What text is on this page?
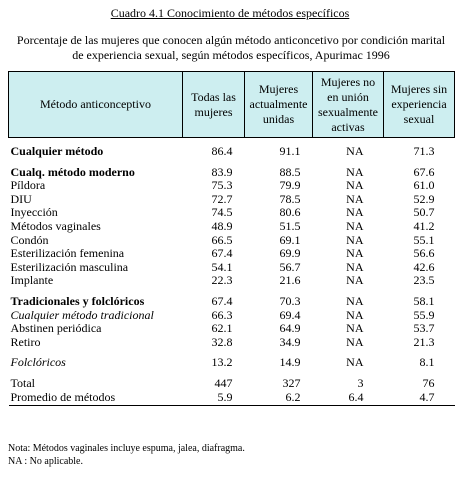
Cuadro 4.1 Conocimiento de métodos específicos
Porcentaje de las mujeres que conocen algún método anticoncetivo por condición marital
de experiencia sexual, según métodos específicos, Apurimac 1996
Método anticonceptivo	Todas las mujeres	Mujeres actualmente unidas	Mujeres no en unión sexualmente activas	Mujeres sin experiencia sexual

Cualquier método	86.4	91.1	NA	71.3

Cualq. método moderno	83.9	88.5	NA	67.6
Píldora	75.3	79.9	NA	61.0
DIU	72.7	78.5	NA	52.9
Inyección	74.5	80.6	NA	50.7
Métodos vaginales	48.9	51.5	NA	41.2
Condón	66.5	69.1	NA	55.1
Esterilización femenina	67.4	69.9	NA	56.6
Esterilización masculina	54.1	56.7	NA	42.6
Implante	22.3	21.6	NA	23.5

Tradicionales y folclóricos	67.4	70.3	NA	58.1
Cualquier método tradicional	66.3	69.4	NA	55.9
Abstinen periódica	62.1	64.9	NA	53.7
Retiro	32.8	34.9	NA	21.3

Folclóricos	13.2	14.9	NA	8.1

Total	447	327	3	76
Promedio de métodos	5.9	6.2	6.4	4.7
Nota: Métodos vaginales incluye espuma, jalea, diafragma.
NA : No aplicable.
